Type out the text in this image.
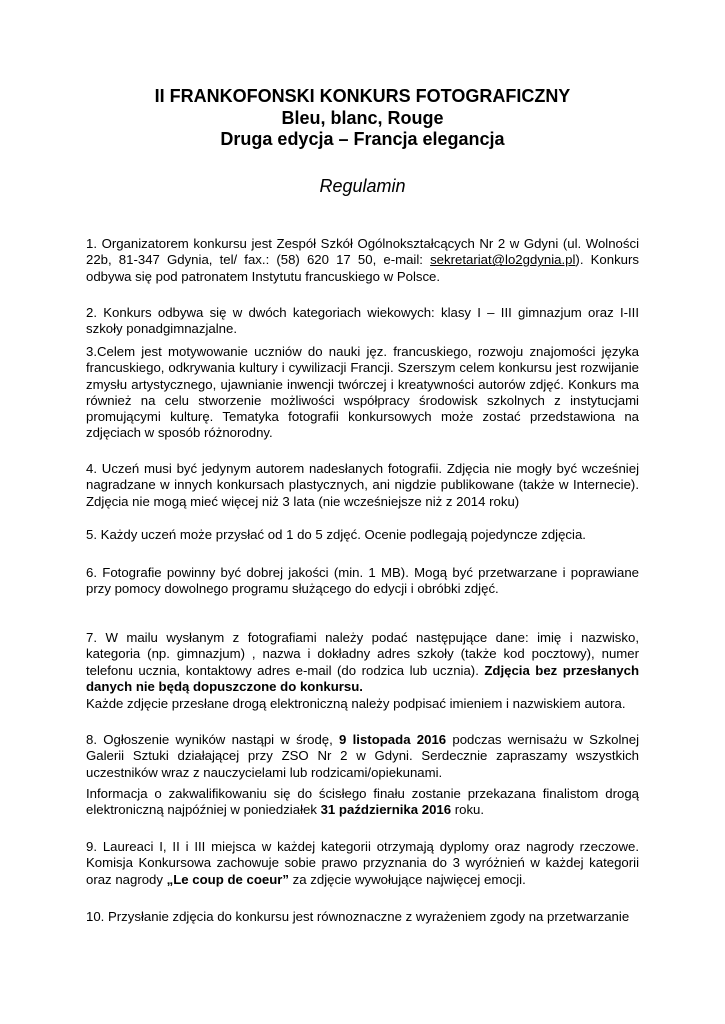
II FRANKOFONSKI KONKURS FOTOGRAFICZNY
Bleu, blanc, Rouge
Druga edycja – Francja elegancja
Regulamin
1. Organizatorem konkursu jest Zespół Szkół Ogólnokształcących Nr 2 w Gdyni (ul. Wolności 22b, 81-347 Gdynia, tel/ fax.: (58) 620 17 50, e-mail: sekretariat@lo2gdynia.pl). Konkurs odbywa się pod patronatem Instytutu francuskiego w Polsce.
2. Konkurs odbywa się w dwóch kategoriach wiekowych: klasy I – III gimnazjum oraz I-III szkoły ponadgimnazjalne.
3.Celem jest motywowanie uczniów do nauki jęz. francuskiego, rozwoju znajomości języka francuskiego, odkrywania kultury i cywilizacji Francji. Szerszym celem konkursu jest rozwijanie zmysłu artystycznego, ujawnianie inwencji twórczej i kreatywności autorów zdjęć. Konkurs ma również na celu stworzenie możliwości współpracy środowisk szkolnych z instytucjami promującymi kulturę. Tematyka fotografii konkursowych może zostać przedstawiona na zdjęciach w sposób różnorodny.
4. Uczeń musi być jedynym autorem nadesłanych fotografii. Zdjęcia nie mogły być wcześniej nagradzane w innych konkursach plastycznych, ani nigdzie publikowane (także w Internecie). Zdjęcia nie mogą mieć więcej niż 3 lata (nie wcześniejsze niż z 2014 roku)
5. Każdy uczeń może przysłać od 1 do 5 zdjęć. Ocenie podlegają pojedyncze zdjęcia.
6. Fotografie powinny być dobrej jakości (min. 1 MB). Mogą być przetwarzane i poprawiane przy pomocy dowolnego programu służącego do edycji i obróbki zdjęć.
7. W mailu wysłanym z fotografiami należy podać następujące dane: imię i nazwisko, kategoria (np. gimnazjum) , nazwa i dokładny adres szkoły (także kod pocztowy), numer telefonu ucznia, kontaktowy adres e-mail (do rodzica lub ucznia). Zdjęcia bez przesłanych danych nie będą dopuszczone do konkursu.
Każde zdjęcie przesłane drogą elektroniczną należy podpisać imieniem i nazwiskiem autora.
8. Ogłoszenie wyników nastąpi w środę, 9 listopada 2016 podczas wernisażu w Szkolnej Galerii Sztuki działającej przy ZSO Nr 2 w Gdyni. Serdecznie zapraszamy wszystkich uczestników wraz z nauczycielami lub rodzicami/opiekunami.
Informacja o zakwalifikowaniu się do ścisłego finału zostanie przekazana finalistom drogą elektroniczną najpóźniej w poniedziałek 31 października 2016 roku.
9. Laureaci I, II i III miejsca w każdej kategorii otrzymają dyplomy oraz nagrody rzeczowe. Komisja Konkursowa zachowuje sobie prawo przyznania do 3 wyróżnień w każdej kategorii oraz nagrody „Le coup de coeur” za zdjęcie wywołujące najwięcej emocji.
10. Przysłanie zdjęcia do konkursu jest równoznaczne z wyrażeniem zgody na przetwarzanie
